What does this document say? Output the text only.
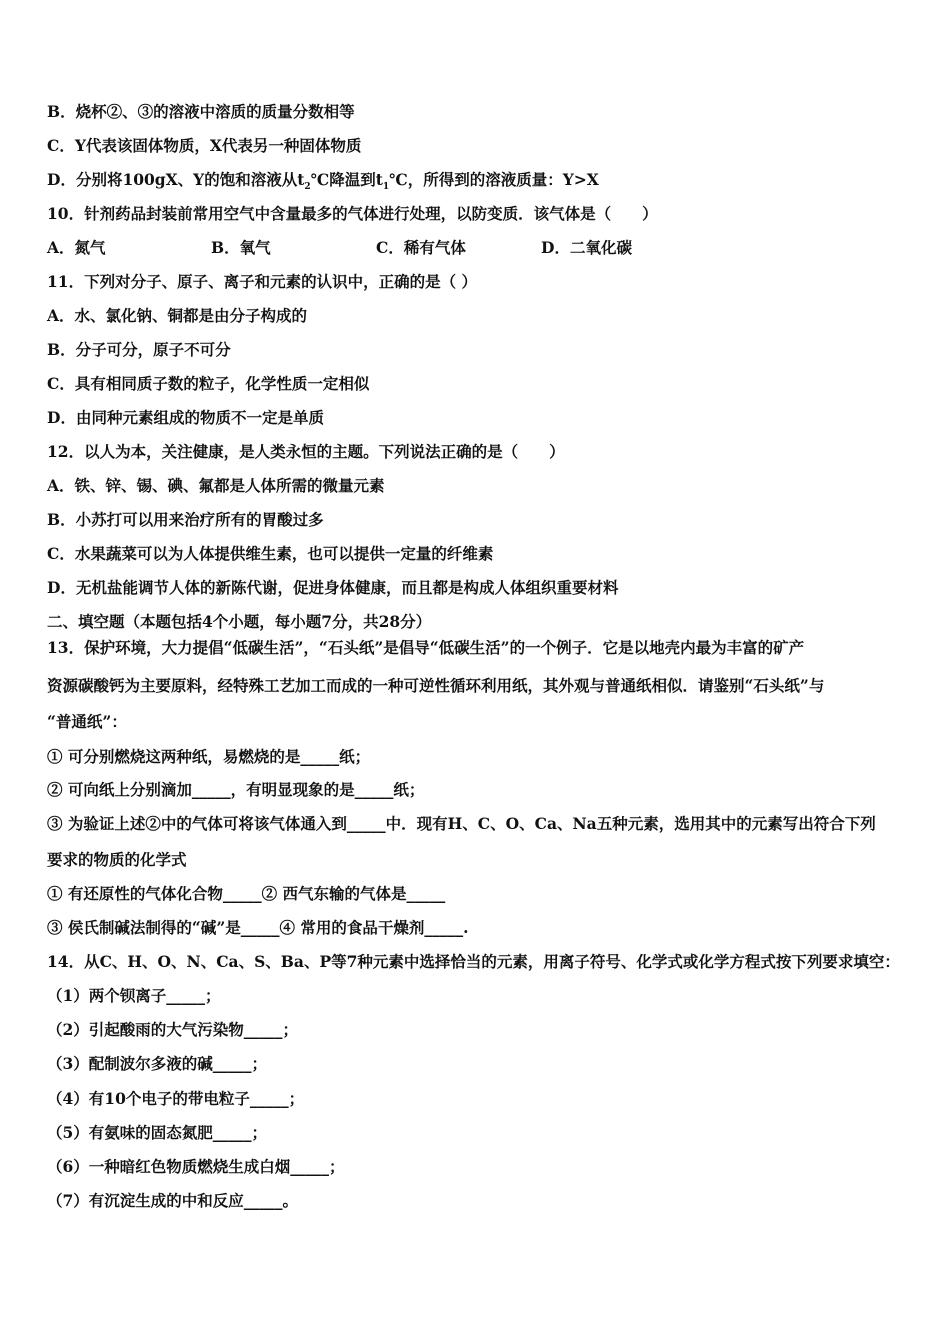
B．烧杯②、③的溶液中溶质的质量分数相等
C．Y代表该固体物质，X代表另一种固体物质
D．分别将100gX、Y的饱和溶液从$t_2℃$降温到$t_1℃$，所得到的溶液质量：Y>X
10．针剂药品封装前常用空气中含量最多的气体进行处理，以防变质．该气体是（　　）
A．氮气	B．氧气	C．稀有气体	D．二氧化碳
11．下列对分子、原子、离子和元素的认识中，正确的是（ ）
A．水、氯化钠、铜都是由分子构成的
B．分子可分，原子不可分
C．具有相同质子数的粒子，化学性质一定相似
D．由同种元素组成的物质不一定是单质
12．以人为本，关注健康，是人类永恒的主题。下列说法正确的是（　　）
A．铁、锌、锡、碘、氟都是人体所需的微量元素
B．小苏打可以用来治疗所有的胃酸过多
C．水果蔬菜可以为人体提供维生素，也可以提供一定量的纤维素
D．无机盐能调节人体的新陈代谢，促进身体健康，而且都是构成人体组织重要材料
二、填空题（本题包括4个小题，每小题7分，共28分）
13．保护环境，大力提倡“低碳生活”，“石头纸”是倡导“低碳生活”的一个例子．它是以地壳内最为丰富的矿产
资源碳酸钙为主要原料，经特殊工艺加工而成的一种可逆性循环利用纸，其外观与普通纸相似．请鉴别“石头纸”与
“普通纸”：
① 可分别燃烧这两种纸，易燃烧的是_____纸；
② 可向纸上分别滴加_____，有明显现象的是_____纸；
③ 为验证上述②中的气体可将该气体通入到_____中．现有H、C、O、Ca、Na五种元素，选用其中的元素写出符合下列
要求的物质的化学式
① 有还原性的气体化合物_____② 西气东输的气体是_____
③ 侯氏制碱法制得的“碱”是_____④ 常用的食品干燥剂_____.
14．从C、H、O、N、Ca、S、Ba、P等7种元素中选择恰当的元素，用离子符号、化学式或化学方程式按下列要求填空：
（1）两个钡离子_____；
（2）引起酸雨的大气污染物_____；
（3）配制波尔多液的碱_____；
（4）有10个电子的带电粒子_____；
（5）有氨味的固态氮肥_____；
（6）一种暗红色物质燃烧生成白烟_____；
（7）有沉淀生成的中和反应_____。
